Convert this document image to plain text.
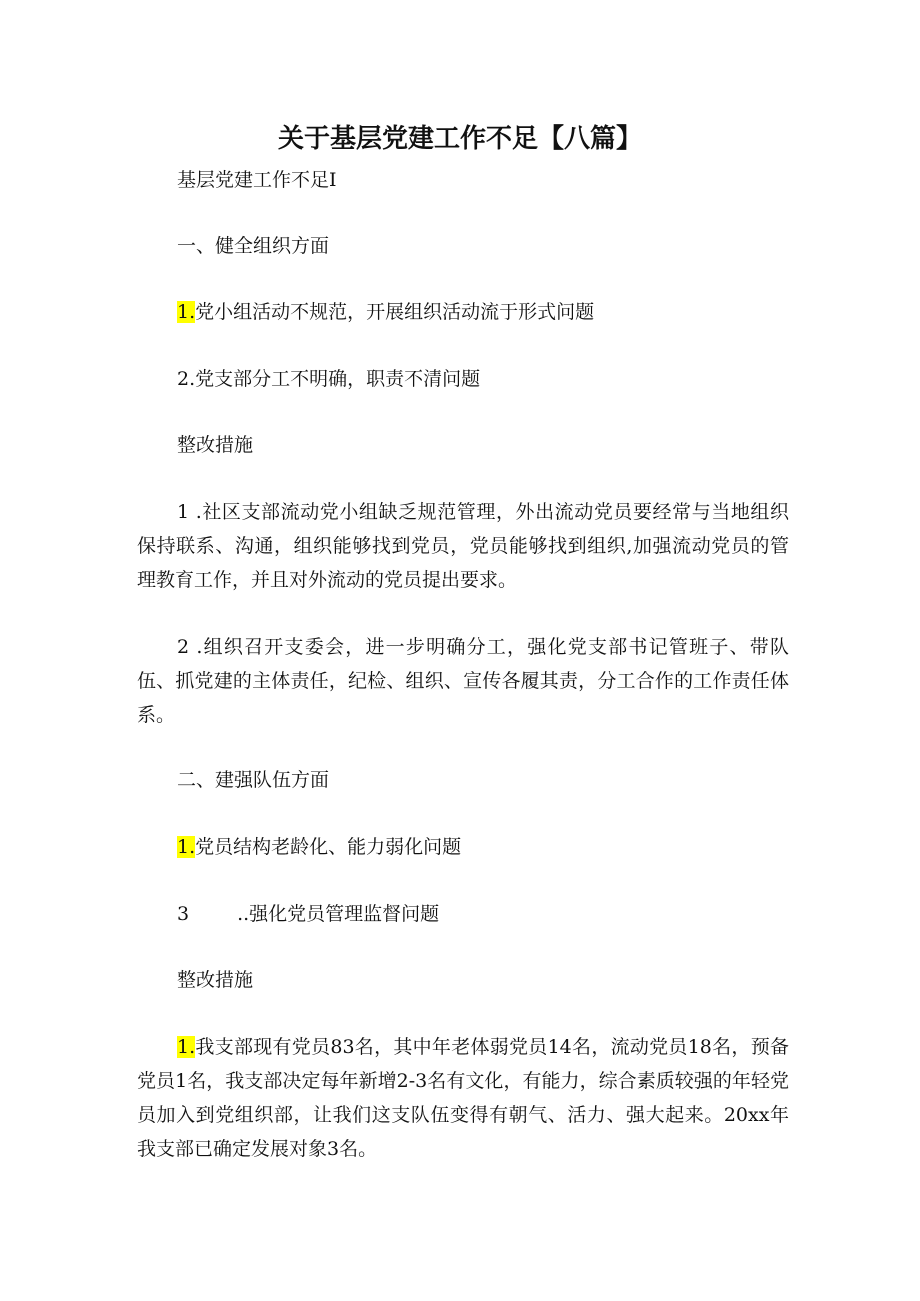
关于基层党建工作不足【八篇】

基层党建工作不足I

一、健全组织方面

1.党小组活动不规范，开展组织活动流于形式问题

2.党支部分工不明确，职责不清问题

整改措施

1 .社区支部流动党小组缺乏规范管理，外出流动党员要经常与当地组织保持联系、沟通，组织能够找到党员，党员能够找到组织,加强流动党员的管理教育工作，并且对外流动的党员提出要求。

2 .组织召开支委会，进一步明确分工，强化党支部书记管班子、带队伍、抓党建的主体责任，纪检、组织、宣传各履其责，分工合作的工作责任体系。

二、建强队伍方面

1.党员结构老龄化、能力弱化问题

3	..强化党员管理监督问题

整改措施

1.我支部现有党员83名，其中年老体弱党员14名，流动党员18名，预备党员1名，我支部决定每年新增2-3名有文化，有能力，综合素质较强的年轻党员加入到党组织部，让我们这支队伍变得有朝气、活力、强大起来。20xx年我支部已确定发展对象3名。
